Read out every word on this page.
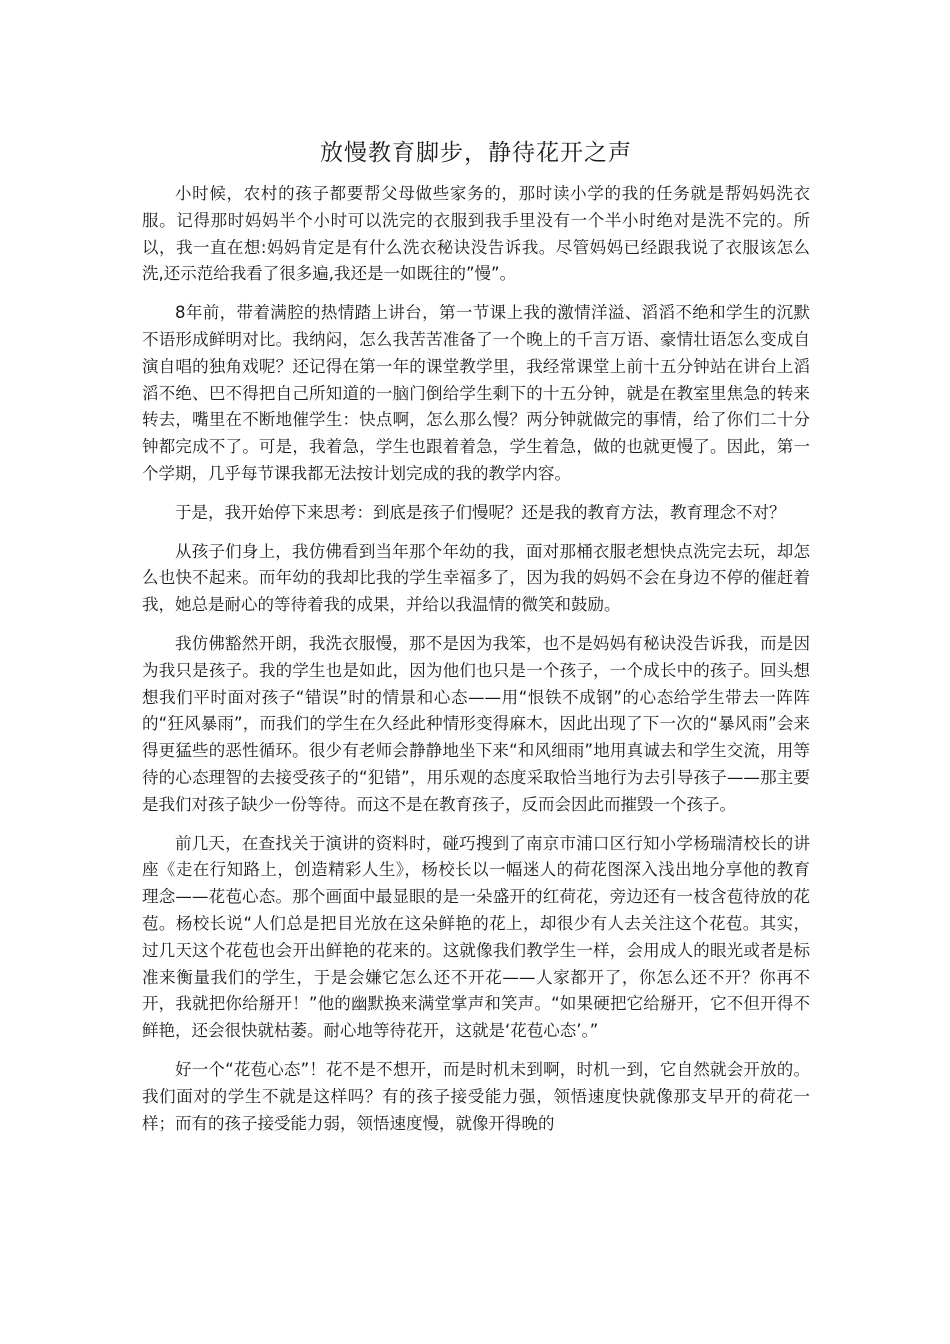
放慢教育脚步，静待花开之声

小时候，农村的孩子都要帮父母做些家务的，那时读小学的我的任务就是帮妈妈洗衣服。记得那时妈妈半个小时可以洗完的衣服到我手里没有一个半小时绝对是洗不完的。所以，我一直在想:妈妈肯定是有什么洗衣秘诀没告诉我。尽管妈妈已经跟我说了衣服该怎么洗,还示范给我看了很多遍,我还是一如既往的”慢”。

8年前，带着满腔的热情踏上讲台，第一节课上我的激情洋溢、滔滔不绝和学生的沉默不语形成鲜明对比。我纳闷，怎么我苦苦准备了一个晚上的千言万语、豪情壮语怎么变成自演自唱的独角戏呢？还记得在第一年的课堂教学里，我经常课堂上前十五分钟站在讲台上滔滔不绝、巴不得把自己所知道的一脑门倒给学生剩下的十五分钟，就是在教室里焦急的转来转去，嘴里在不断地催学生：快点啊，怎么那么慢？两分钟就做完的事情，给了你们二十分钟都完成不了。可是，我着急，学生也跟着着急，学生着急，做的也就更慢了。因此，第一个学期，几乎每节课我都无法按计划完成的我的教学内容。

于是，我开始停下来思考：到底是孩子们慢呢？还是我的教育方法，教育理念不对？

从孩子们身上，我仿佛看到当年那个年幼的我，面对那桶衣服老想快点洗完去玩，却怎么也快不起来。而年幼的我却比我的学生幸福多了，因为我的妈妈不会在身边不停的催赶着我，她总是耐心的等待着我的成果，并给以我温情的微笑和鼓励。

我仿佛豁然开朗，我洗衣服慢，那不是因为我笨，也不是妈妈有秘诀没告诉我，而是因为我只是孩子。我的学生也是如此，因为他们也只是一个孩子，一个成长中的孩子。回头想想我们平时面对孩子“错误”时的情景和心态——用“恨铁不成钢”的心态给学生带去一阵阵的“狂风暴雨”，而我们的学生在久经此种情形变得麻木，因此出现了下一次的“暴风雨”会来得更猛些的恶性循环。很少有老师会静静地坐下来“和风细雨”地用真诚去和学生交流，用等待的心态理智的去接受孩子的“犯错”，用乐观的态度采取恰当地行为去引导孩子——那主要是我们对孩子缺少一份等待。而这不是在教育孩子，反而会因此而摧毁一个孩子。

前几天，在查找关于演讲的资料时，碰巧搜到了南京市浦口区行知小学杨瑞清校长的讲座《走在行知路上，创造精彩人生》，杨校长以一幅迷人的荷花图深入浅出地分享他的教育理念——花苞心态。那个画面中最显眼的是一朵盛开的红荷花，旁边还有一枝含苞待放的花苞。杨校长说“人们总是把目光放在这朵鲜艳的花上，却很少有人去关注这个花苞。其实，过几天这个花苞也会开出鲜艳的花来的。这就像我们教学生一样，会用成人的眼光或者是标准来衡量我们的学生，于是会嫌它怎么还不开花——人家都开了，你怎么还不开？你再不开，我就把你给掰开！”他的幽默换来满堂掌声和笑声。“如果硬把它给掰开，它不但开得不鲜艳，还会很快就枯萎。耐心地等待花开，这就是‘花苞心态’。”

好一个“花苞心态”！花不是不想开，而是时机未到啊，时机一到，它自然就会开放的。我们面对的学生不就是这样吗？有的孩子接受能力强，领悟速度快就像那支早开的荷花一样；而有的孩子接受能力弱，领悟速度慢，就像开得晚的
